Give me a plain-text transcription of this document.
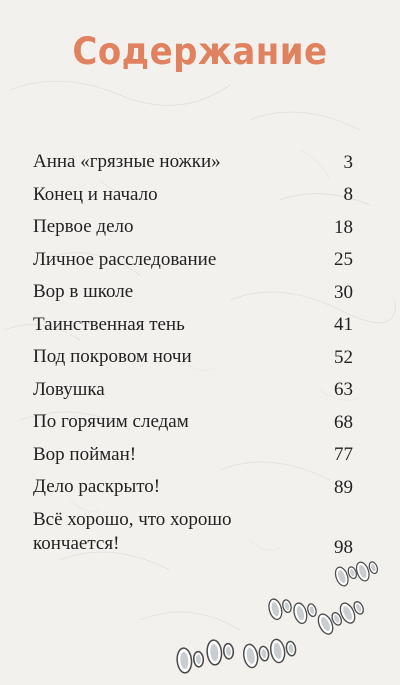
Содержание
Анна «грязные ножки»	3
Конец и начало	8
Первое дело	18
Личное расследование	25
Вор в школе	30
Таинственная тень	41
Под покровом ночи	52
Ловушка	63
По горячим следам	68
Вор пойман!	77
Дело раскрыто!	89
Всё хорошо, что хорошо
кончается!	98
